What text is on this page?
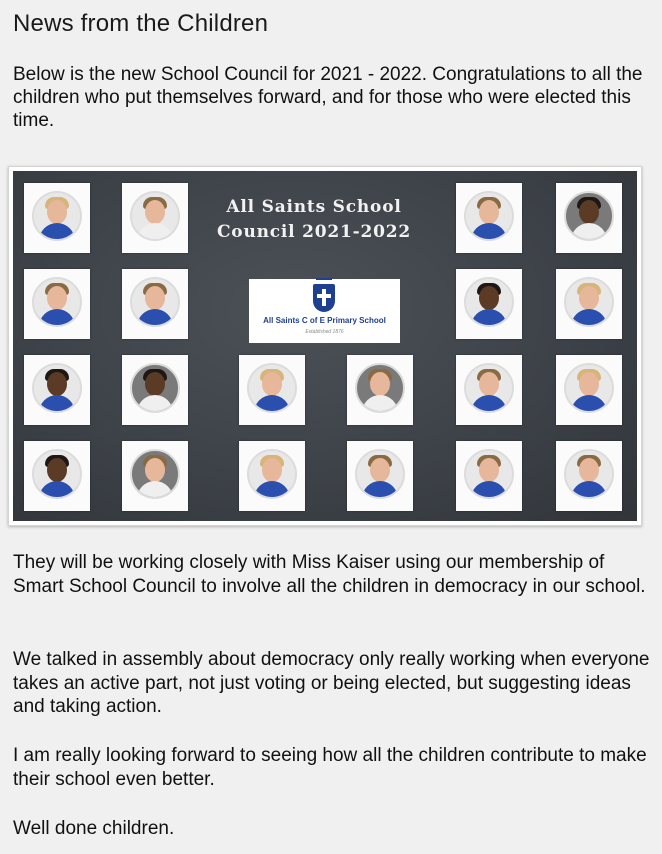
News from the Children

Below is the new School Council for 2021 - 2022. Congratulations to all the children who put themselves forward, and for those who were elected this time.

All Saints School
Council 2021-2022
All Saints C of E Primary School
Established 1876

They will be working closely with Miss Kaiser using our membership of Smart School Council to involve all the children in democracy in our school.

We talked in assembly about democracy only really working when everyone takes an active part, not just voting or being elected, but suggesting ideas and taking action.

I am really looking forward to seeing how all the children contribute to make their school even better.

Well done children.
